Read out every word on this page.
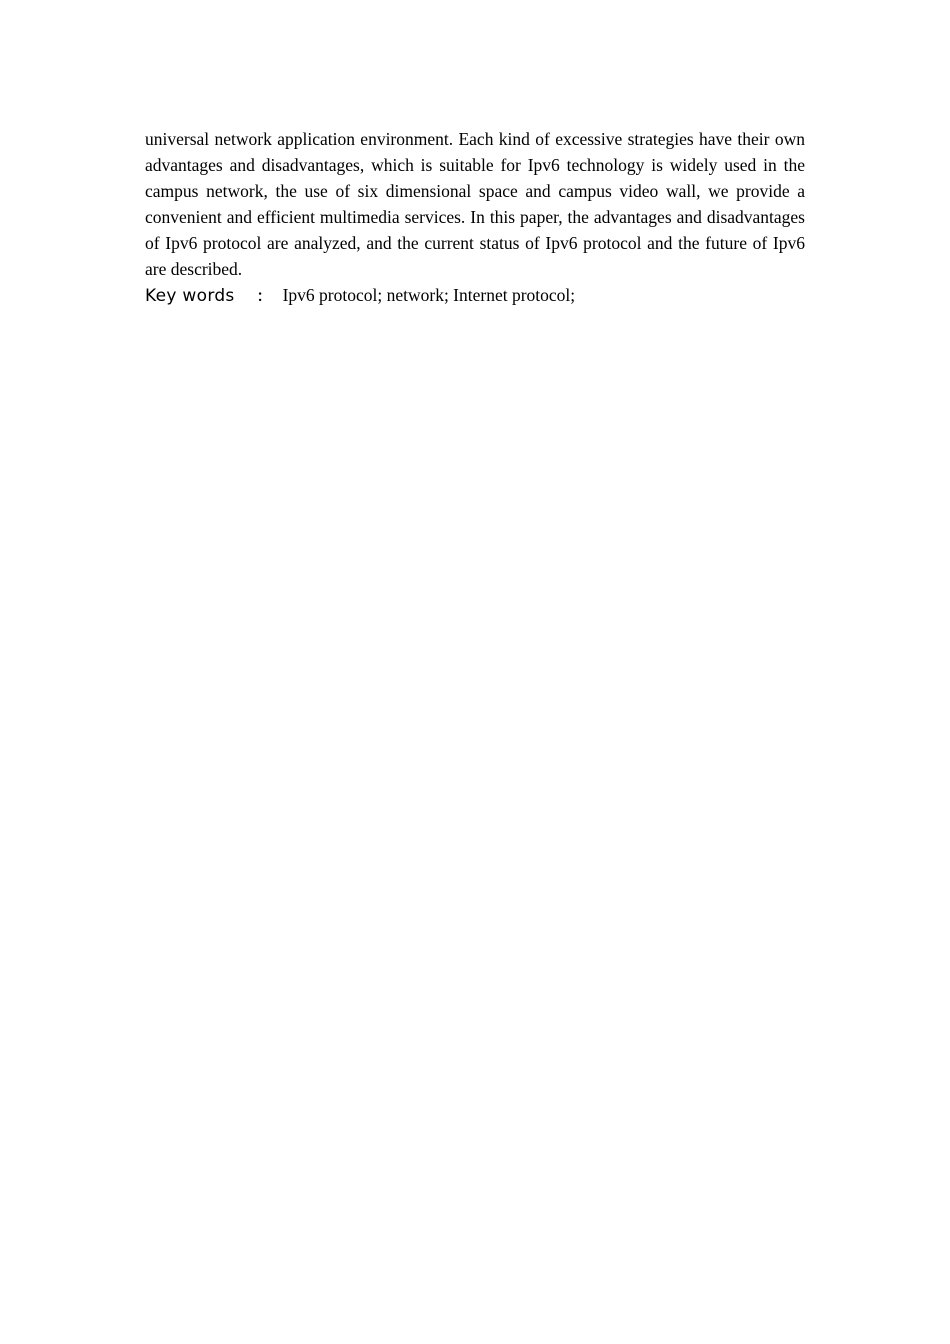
universal network application environment. Each kind of excessive strategies have their own advantages and disadvantages, which is suitable for Ipv6 technology is widely used in the campus network, the use of six dimensional space and campus video wall, we provide a convenient and efficient multimedia services. In this paper, the advantages and disadvantages of Ipv6 protocol are analyzed, and the current status of Ipv6 protocol and the future of Ipv6 are described.

Key words ： Ipv6 protocol; network; Internet protocol;
